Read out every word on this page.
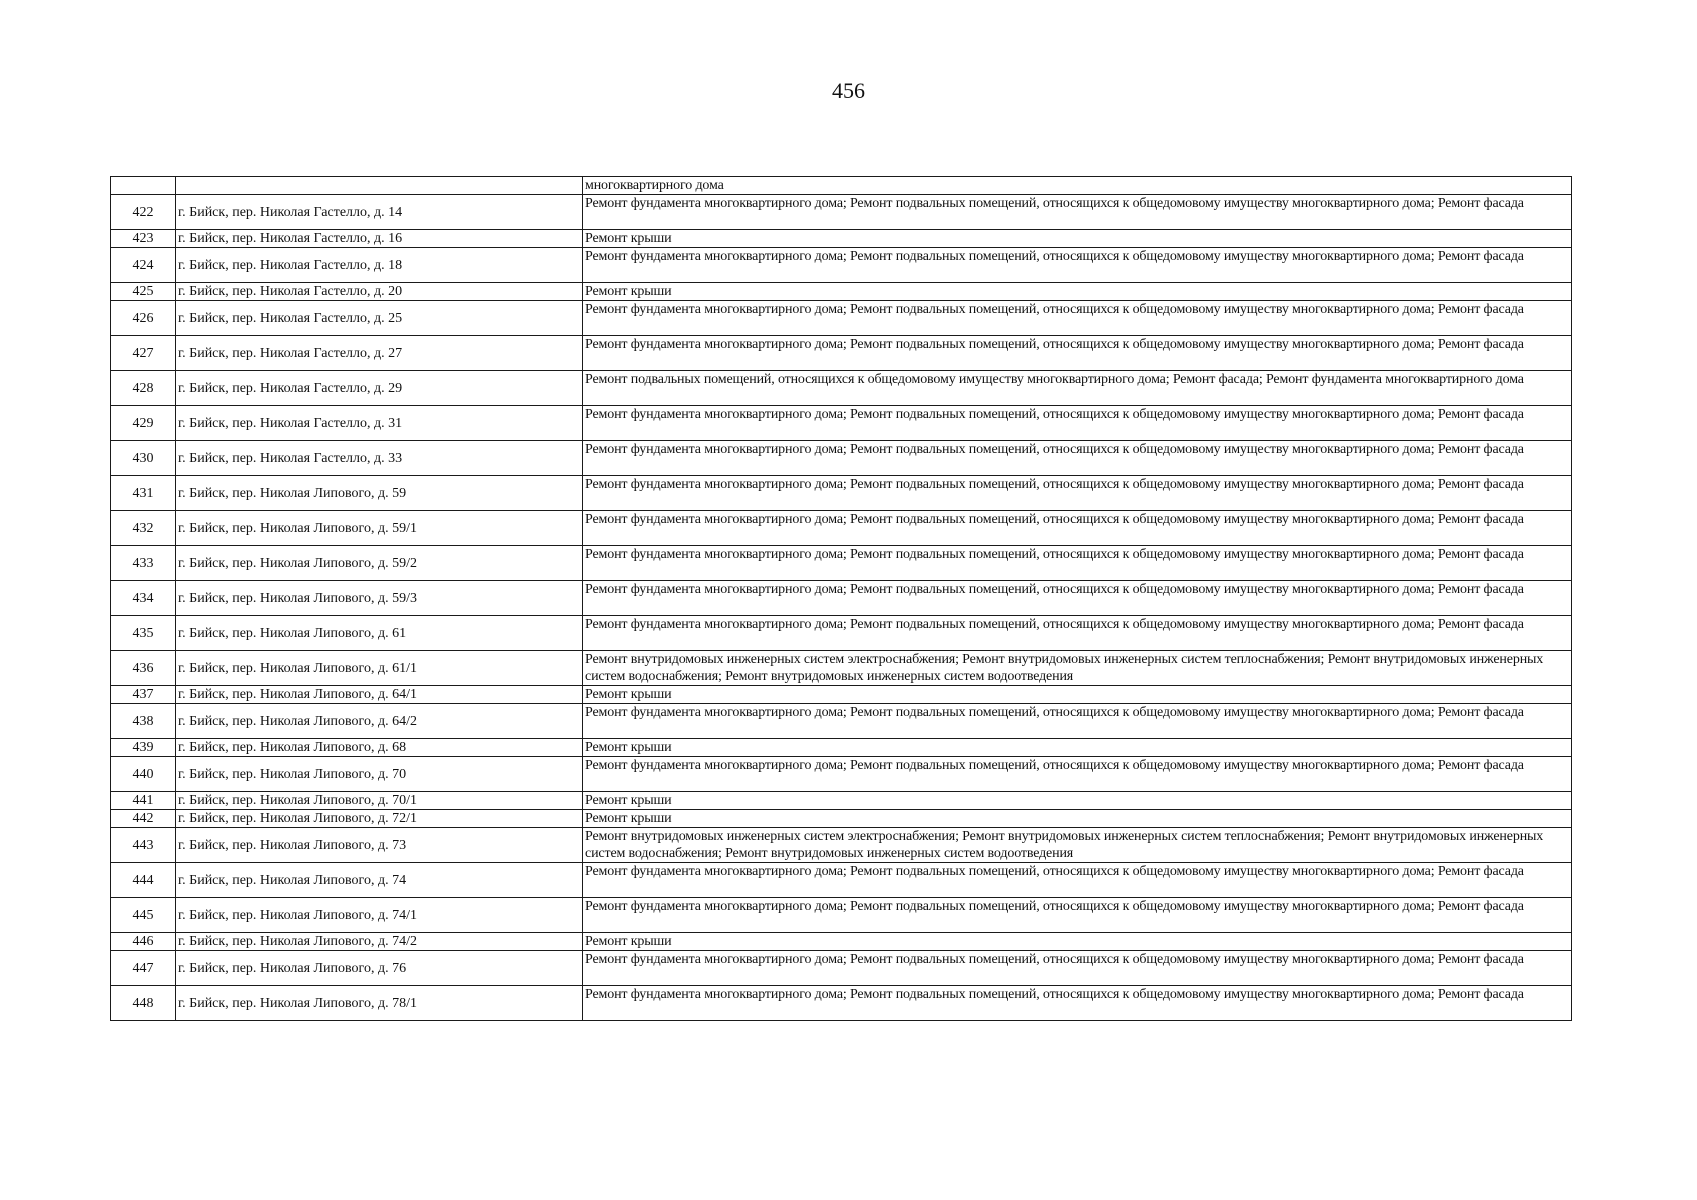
456
		многоквартирного дома
422	г. Бийск, пер. Николая Гастелло, д. 14	Ремонт фундамента многоквартирного дома; Ремонт подвальных помещений, относящихся к общедомовому имуществу многоквартирного дома; Ремонт фасада
423	г. Бийск, пер. Николая Гастелло, д. 16	Ремонт крыши
424	г. Бийск, пер. Николая Гастелло, д. 18	Ремонт фундамента многоквартирного дома; Ремонт подвальных помещений, относящихся к общедомовому имуществу многоквартирного дома; Ремонт фасада
425	г. Бийск, пер. Николая Гастелло, д. 20	Ремонт крыши
426	г. Бийск, пер. Николая Гастелло, д. 25	Ремонт фундамента многоквартирного дома; Ремонт подвальных помещений, относящихся к общедомовому имуществу многоквартирного дома; Ремонт фасада
427	г. Бийск, пер. Николая Гастелло, д. 27	Ремонт фундамента многоквартирного дома; Ремонт подвальных помещений, относящихся к общедомовому имуществу многоквартирного дома; Ремонт фасада
428	г. Бийск, пер. Николая Гастелло, д. 29	Ремонт подвальных помещений, относящихся к общедомовому имуществу многоквартирного дома; Ремонт фасада; Ремонт фундамента многоквартирного дома
429	г. Бийск, пер. Николая Гастелло, д. 31	Ремонт фундамента многоквартирного дома; Ремонт подвальных помещений, относящихся к общедомовому имуществу многоквартирного дома; Ремонт фасада
430	г. Бийск, пер. Николая Гастелло, д. 33	Ремонт фундамента многоквартирного дома; Ремонт подвальных помещений, относящихся к общедомовому имуществу многоквартирного дома; Ремонт фасада
431	г. Бийск, пер. Николая Липового, д. 59	Ремонт фундамента многоквартирного дома; Ремонт подвальных помещений, относящихся к общедомовому имуществу многоквартирного дома; Ремонт фасада
432	г. Бийск, пер. Николая Липового, д. 59/1	Ремонт фундамента многоквартирного дома; Ремонт подвальных помещений, относящихся к общедомовому имуществу многоквартирного дома; Ремонт фасада
433	г. Бийск, пер. Николая Липового, д. 59/2	Ремонт фундамента многоквартирного дома; Ремонт подвальных помещений, относящихся к общедомовому имуществу многоквартирного дома; Ремонт фасада
434	г. Бийск, пер. Николая Липового, д. 59/3	Ремонт фундамента многоквартирного дома; Ремонт подвальных помещений, относящихся к общедомовому имуществу многоквартирного дома; Ремонт фасада
435	г. Бийск, пер. Николая Липового, д. 61	Ремонт фундамента многоквартирного дома; Ремонт подвальных помещений, относящихся к общедомовому имуществу многоквартирного дома; Ремонт фасада
436	г. Бийск, пер. Николая Липового, д. 61/1	Ремонт внутридомовых инженерных систем электроснабжения; Ремонт внутридомовых инженерных систем теплоснабжения; Ремонт внутридомовых инженерных систем водоснабжения; Ремонт внутридомовых инженерных систем водоотведения
437	г. Бийск, пер. Николая Липового, д. 64/1	Ремонт крыши
438	г. Бийск, пер. Николая Липового, д. 64/2	Ремонт фундамента многоквартирного дома; Ремонт подвальных помещений, относящихся к общедомовому имуществу многоквартирного дома; Ремонт фасада
439	г. Бийск, пер. Николая Липового, д. 68	Ремонт крыши
440	г. Бийск, пер. Николая Липового, д. 70	Ремонт фундамента многоквартирного дома; Ремонт подвальных помещений, относящихся к общедомовому имуществу многоквартирного дома; Ремонт фасада
441	г. Бийск, пер. Николая Липового, д. 70/1	Ремонт крыши
442	г. Бийск, пер. Николая Липового, д. 72/1	Ремонт крыши
443	г. Бийск, пер. Николая Липового, д. 73	Ремонт внутридомовых инженерных систем электроснабжения; Ремонт внутридомовых инженерных систем теплоснабжения; Ремонт внутридомовых инженерных систем водоснабжения; Ремонт внутридомовых инженерных систем водоотведения
444	г. Бийск, пер. Николая Липового, д. 74	Ремонт фундамента многоквартирного дома; Ремонт подвальных помещений, относящихся к общедомовому имуществу многоквартирного дома; Ремонт фасада
445	г. Бийск, пер. Николая Липового, д. 74/1	Ремонт фундамента многоквартирного дома; Ремонт подвальных помещений, относящихся к общедомовому имуществу многоквартирного дома; Ремонт фасада
446	г. Бийск, пер. Николая Липового, д. 74/2	Ремонт крыши
447	г. Бийск, пер. Николая Липового, д. 76	Ремонт фундамента многоквартирного дома; Ремонт подвальных помещений, относящихся к общедомовому имуществу многоквартирного дома; Ремонт фасада
448	г. Бийск, пер. Николая Липового, д. 78/1	Ремонт фундамента многоквартирного дома; Ремонт подвальных помещений, относящихся к общедомовому имуществу многоквартирного дома; Ремонт фасада
